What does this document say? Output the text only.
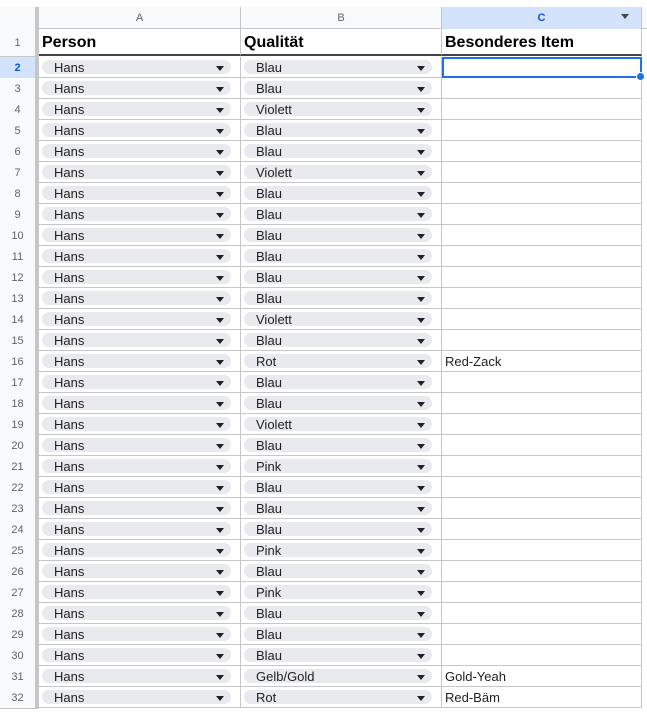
A	B	C
1	Person	Qualität	Besonderes Item
2	Hans	Blau
3	Hans	Blau
4	Hans	Violett
5	Hans	Blau
6	Hans	Blau
7	Hans	Violett
8	Hans	Blau
9	Hans	Blau
10	Hans	Blau
11	Hans	Blau
12	Hans	Blau
13	Hans	Blau
14	Hans	Violett
15	Hans	Blau
16	Hans	Rot	Red-Zack
17	Hans	Blau
18	Hans	Blau
19	Hans	Violett
20	Hans	Blau
21	Hans	Pink
22	Hans	Blau
23	Hans	Blau
24	Hans	Blau
25	Hans	Pink
26	Hans	Blau
27	Hans	Pink
28	Hans	Blau
29	Hans	Blau
30	Hans	Blau
31	Hans	Gelb/Gold	Gold-Yeah
32	Hans	Rot	Red-Bäm
